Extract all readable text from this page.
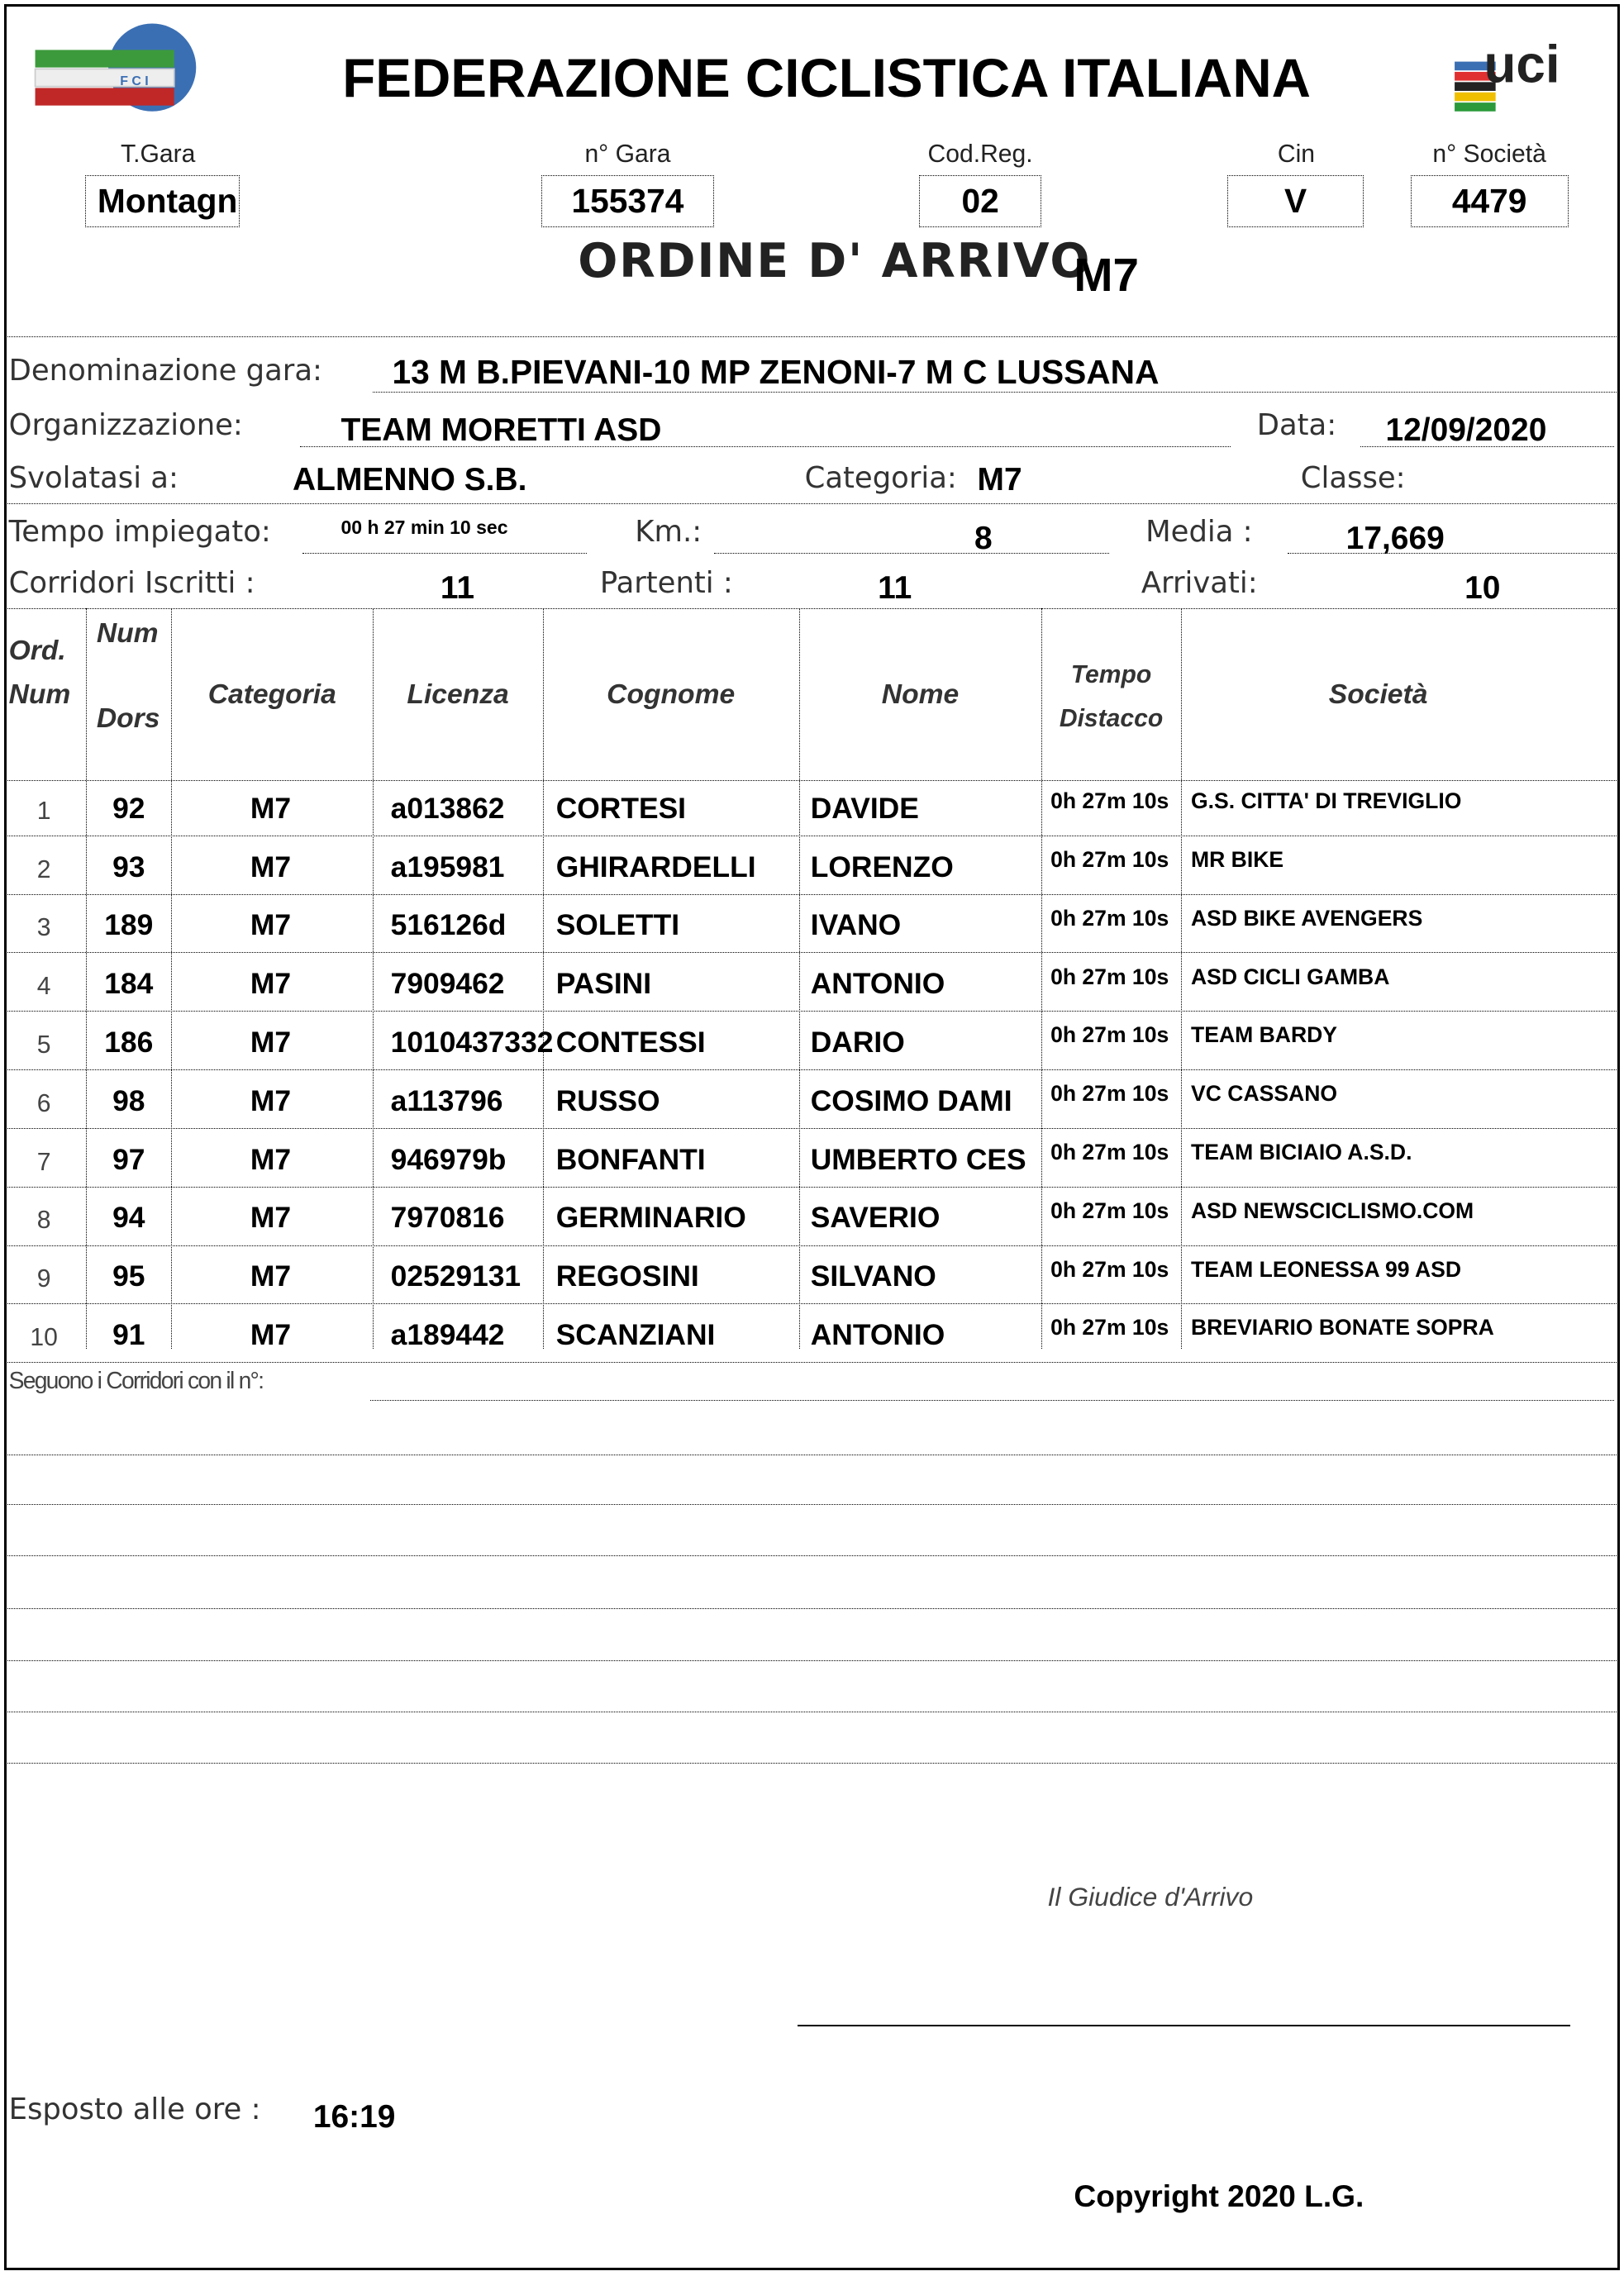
F C I	FEDERAZIONE CICLISTICA ITALIANA	uci
T.Gara	n° Gara	Cod.Reg.	Cin	n° Società
Montagn	155374	02	V	4479
ORDINE D' ARRIVO
M7
Denominazione gara:	13 M B.PIEVANI-10 MP ZENONI-7 M C LUSSANA
Organizzazione:	TEAM MORETTI ASD	Data:	12/09/2020
Svolatasi a:	ALMENNO S.B.	Categoria: M7	Classe:
Tempo impiegato:	00 h 27 min 10 sec	Km.:	8	Media :	17,669
Corridori Iscritti :	11	Partenti :	11	Arrivati:	10
Ord.
Num
Num
Dors
Categoria	Licenza	Cognome	Nome
Tempo
Distacco
Società
1	92	M7	a013862	CORTESI	DAVIDE	0h 27m 10s	G.S. CITTA' DI TREVIGLIO
2	93	M7	a195981	GHIRARDELLI	LORENZO	0h 27m 10s	MR BIKE
3	189	M7	516126d	SOLETTI	IVANO	0h 27m 10s	ASD BIKE AVENGERS
4	184	M7	7909462	PASINI	ANTONIO	0h 27m 10s	ASD CICLI GAMBA
5	186	M7	1010437332 CONTESSI	DARIO	0h 27m 10s	TEAM BARDY
6	98	M7	a113796	RUSSO	COSIMO DAMI	0h 27m 10s	VC CASSANO
7	97	M7	946979b	BONFANTI	UMBERTO CES	0h 27m 10s	TEAM BICIAIO A.S.D.
8	94	M7	7970816	GERMINARIO	SAVERIO	0h 27m 10s	ASD NEWSCICLISMO.COM
9	95	M7	02529131	REGOSINI	SILVANO	0h 27m 10s	TEAM LEONESSA 99 ASD
10	91	M7	a189442	SCANZIANI	ANTONIO	0h 27m 10s	BREVIARIO BONATE SOPRA
Seguono i Corridori con il n°:
Il Giudice d'Arrivo
Esposto alle ore :	16:19
Copyright 2020 L.G.
